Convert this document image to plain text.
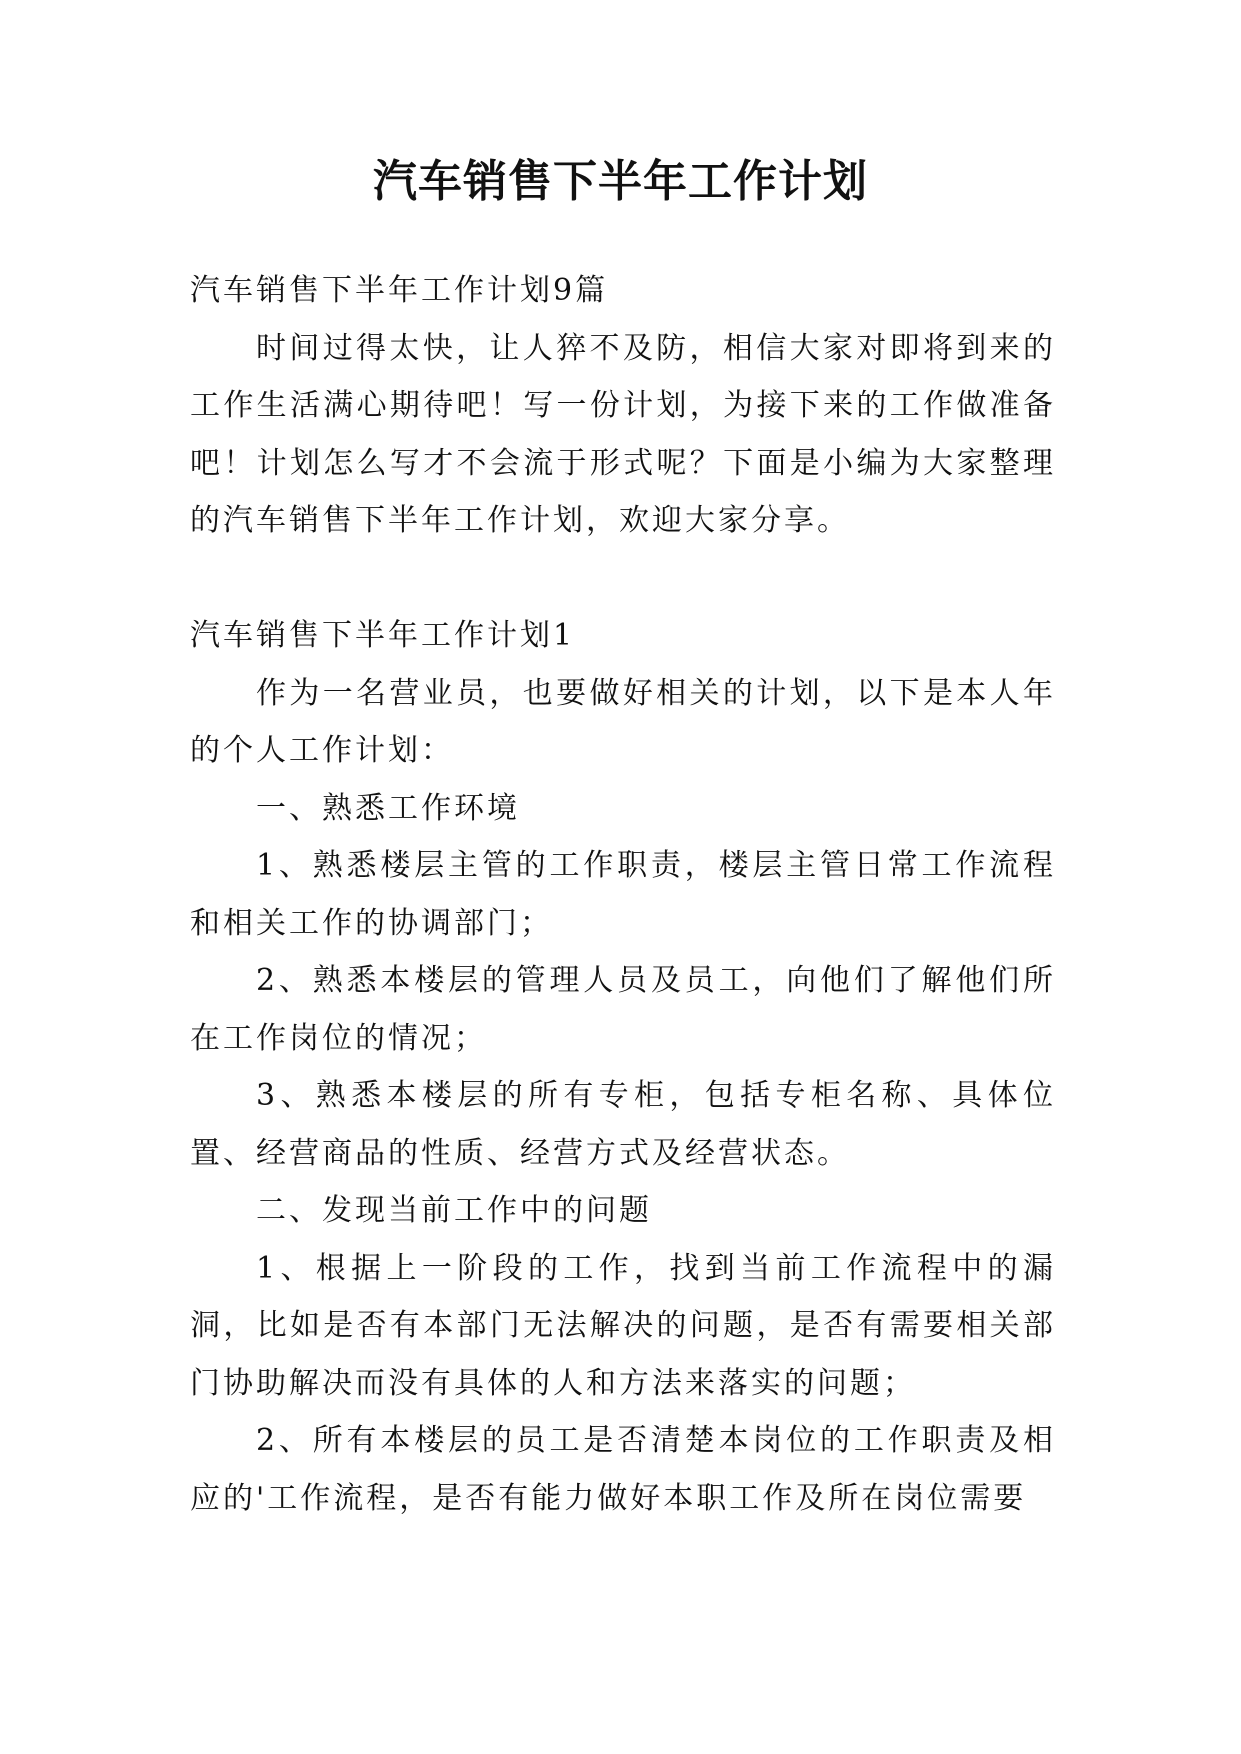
汽车销售下半年工作计划

汽车销售下半年工作计划9篇

时间过得太快，让人猝不及防，相信大家对即将到来的工作生活满心期待吧！写一份计划，为接下来的工作做准备吧！计划怎么写才不会流于形式呢？下面是小编为大家整理的汽车销售下半年工作计划，欢迎大家分享。

汽车销售下半年工作计划1

作为一名营业员，也要做好相关的计划，以下是本人年的个人工作计划：

一、熟悉工作环境

1、熟悉楼层主管的工作职责，楼层主管日常工作流程和相关工作的协调部门；

2、熟悉本楼层的管理人员及员工，向他们了解他们所在工作岗位的情况；

3、熟悉本楼层的所有专柜，包括专柜名称、具体位置、经营商品的性质、经营方式及经营状态。

二、发现当前工作中的问题

1、根据上一阶段的工作，找到当前工作流程中的漏洞，比如是否有本部门无法解决的问题，是否有需要相关部门协助解决而没有具体的人和方法来落实的问题；

2、所有本楼层的员工是否清楚本岗位的工作职责及相应的'工作流程，是否有能力做好本职工作及所在岗位需要
